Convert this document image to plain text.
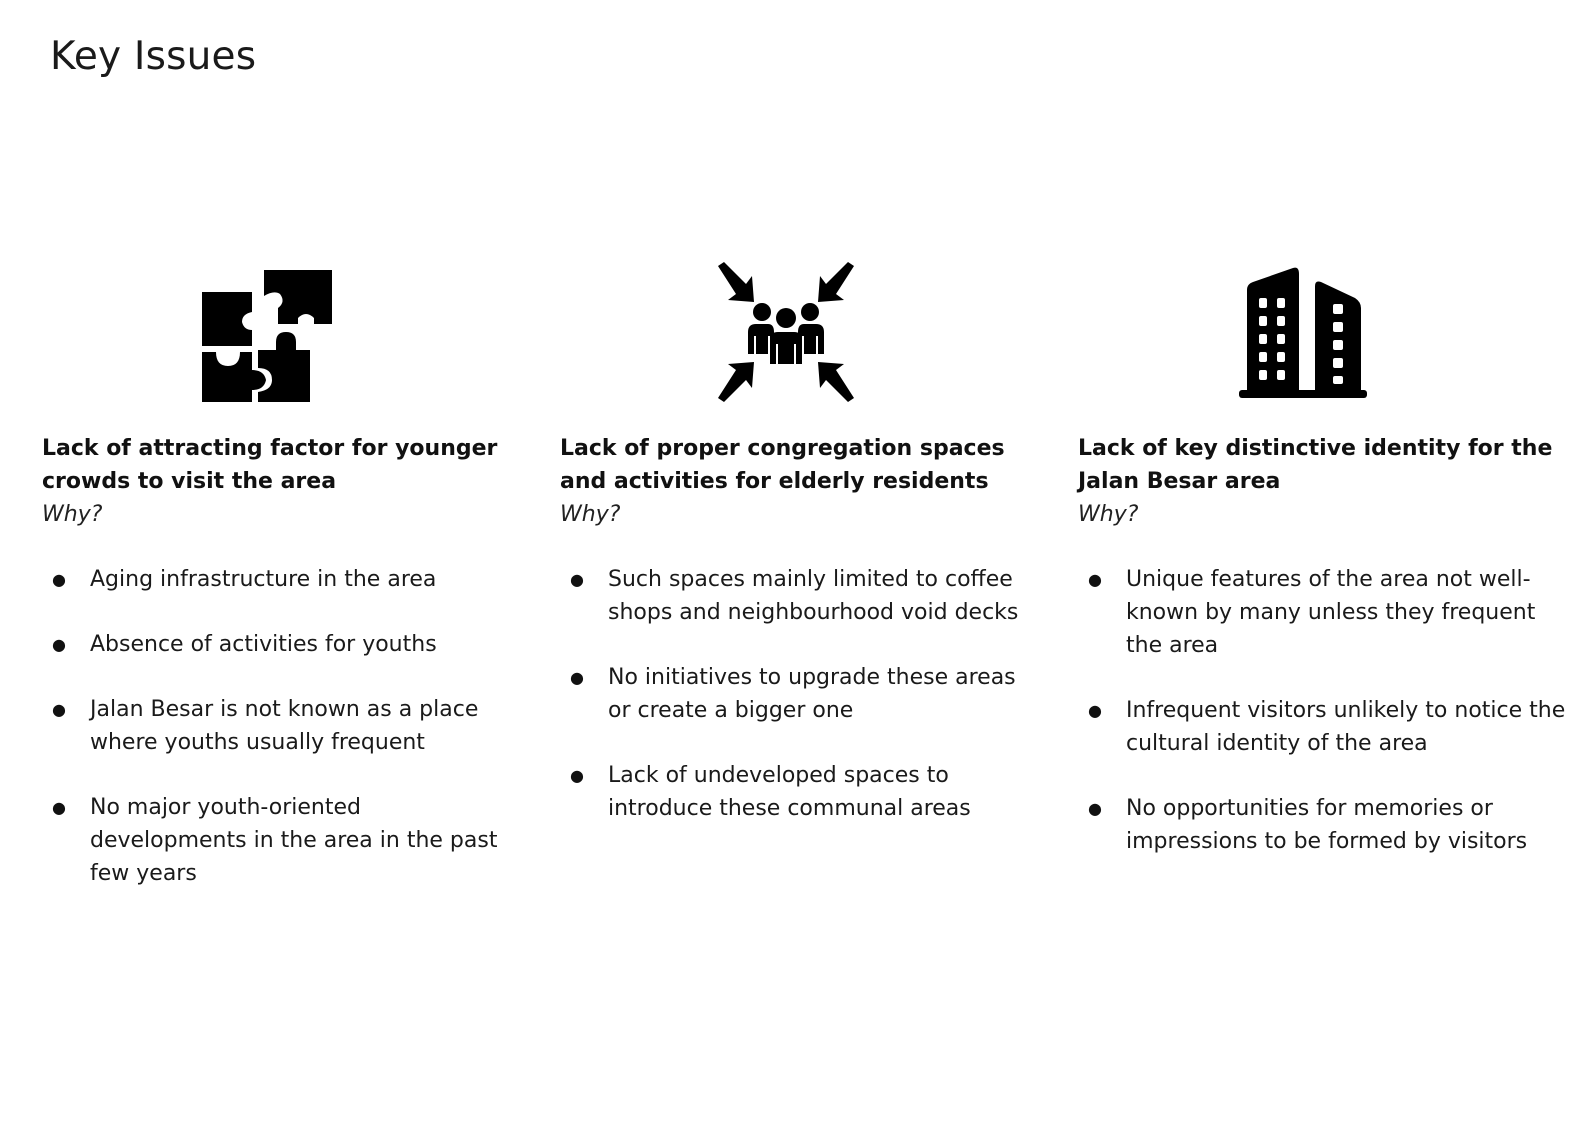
Key Issues

Lack of attracting factor for younger crowds to visit the area

Why?

● Aging infrastructure in the area
● Absence of activities for youths
● Jalan Besar is not known as a place where youths usually frequent
● No major youth-oriented developments in the area in the past few years

Lack of proper congregation spaces and activities for elderly residents

Why?

● Such spaces mainly limited to coffee shops and neighbourhood void decks
● No initiatives to upgrade these areas or create a bigger one
● Lack of undeveloped spaces to introduce these communal areas

Lack of key distinctive identity for the Jalan Besar area

Why?

● Unique features of the area not well-known by many unless they frequent the area
● Infrequent visitors unlikely to notice the cultural identity of the area
● No opportunities for memories or impressions to be formed by visitors
